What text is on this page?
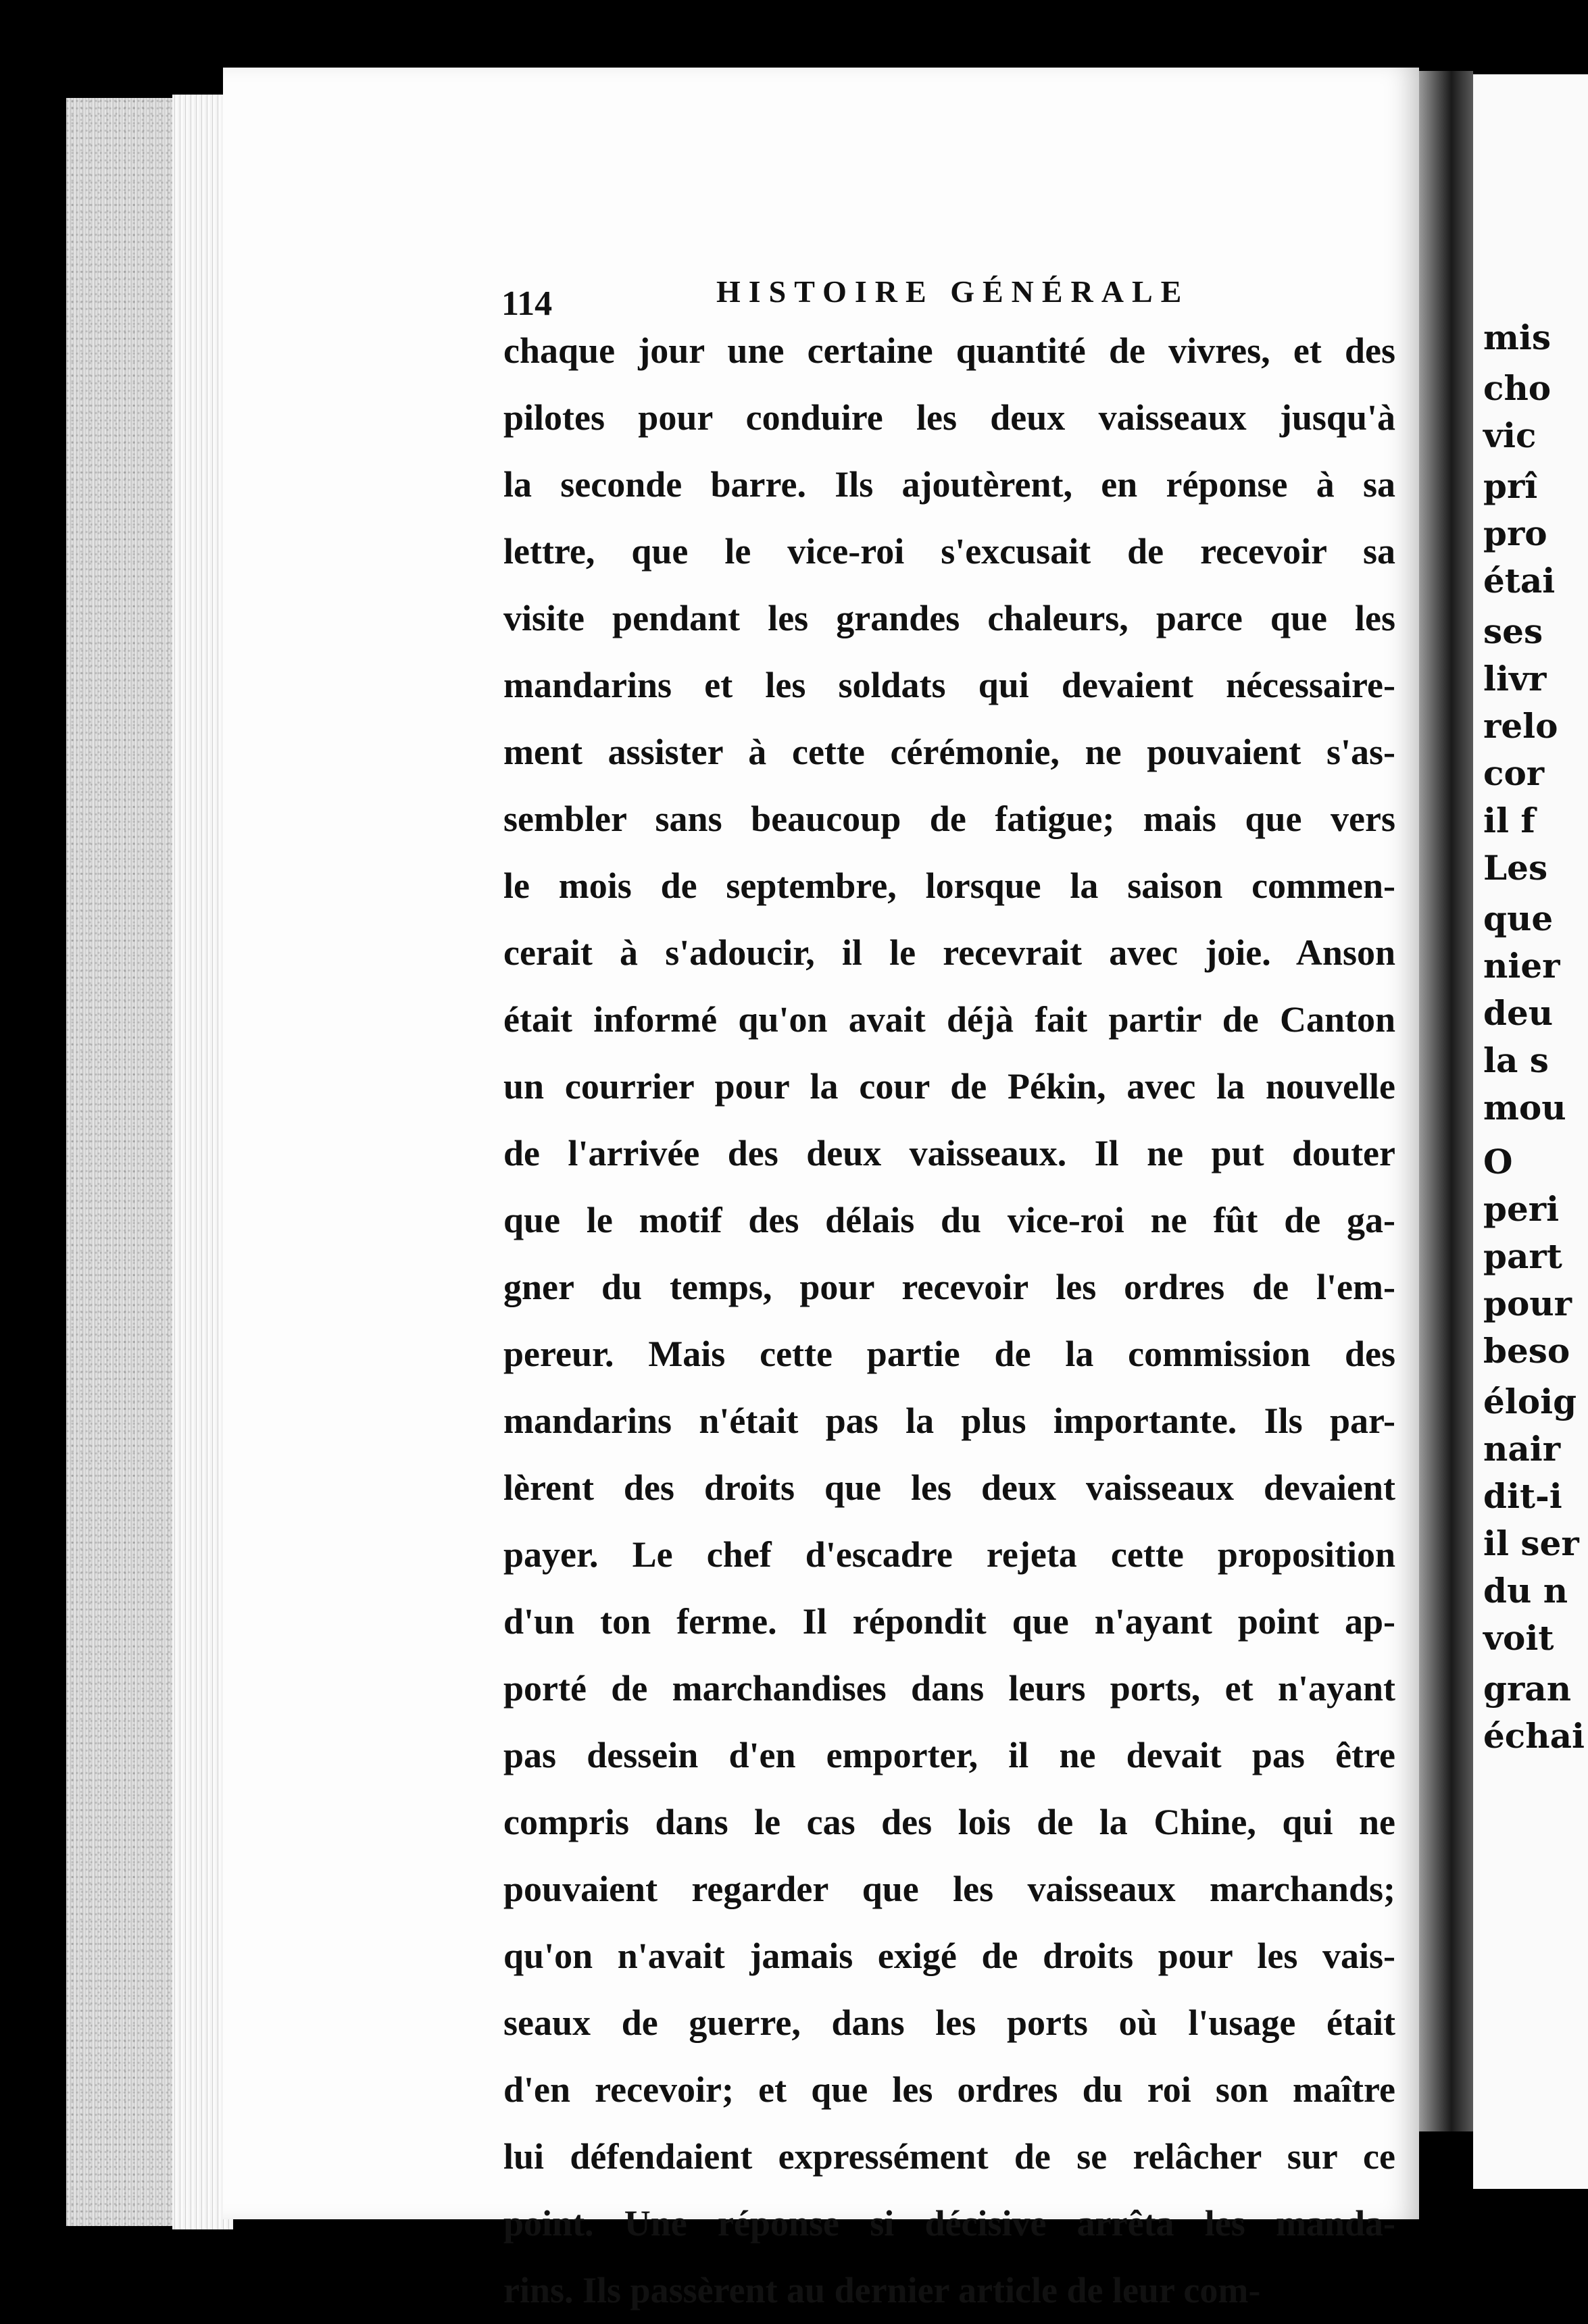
114	HISTOIRE GÉNÉRALE
chaque jour une certaine quantité de vivres, et des
pilotes pour conduire les deux vaisseaux jusqu'à
la seconde barre. Ils ajoutèrent, en réponse à sa
lettre, que le vice-roi s'excusait de recevoir sa
visite pendant les grandes chaleurs, parce que les
mandarins et les soldats qui devaient nécessaire-
ment assister à cette cérémonie, ne pouvaient s'as-
sembler sans beaucoup de fatigue; mais que vers
le mois de septembre, lorsque la saison commen-
cerait à s'adoucir, il le recevrait avec joie. Anson
était informé qu'on avait déjà fait partir de Canton
un courrier pour la cour de Pékin, avec la nouvelle
de l'arrivée des deux vaisseaux. Il ne put douter
que le motif des délais du vice-roi ne fût de ga-
gner du temps, pour recevoir les ordres de l'em-
pereur. Mais cette partie de la commission des
mandarins n'était pas la plus importante. Ils par-
lèrent des droits que les deux vaisseaux devaient
payer. Le chef d'escadre rejeta cette proposition
d'un ton ferme. Il répondit que n'ayant point ap-
porté de marchandises dans leurs ports, et n'ayant
pas dessein d'en emporter, il ne devait pas être
compris dans le cas des lois de la Chine, qui ne
pouvaient regarder que les vaisseaux marchands;
qu'on n'avait jamais exigé de droits pour les vais-
seaux de guerre, dans les ports où l'usage était
d'en recevoir; et que les ordres du roi son maître
lui défendaient expressément de se relâcher sur ce
point. Une réponse si décisive arrêta les manda-
rins. Ils passèrent au dernier article de leur com-
mis
cho
vic
prî
pro
étai
ses
livr
relo
cor
il f
Les
que
nier
deu
la s
mou
O
peri
part
pour
beso
éloig
nair
dit-i
il ser
du n
voit
gran
échai
